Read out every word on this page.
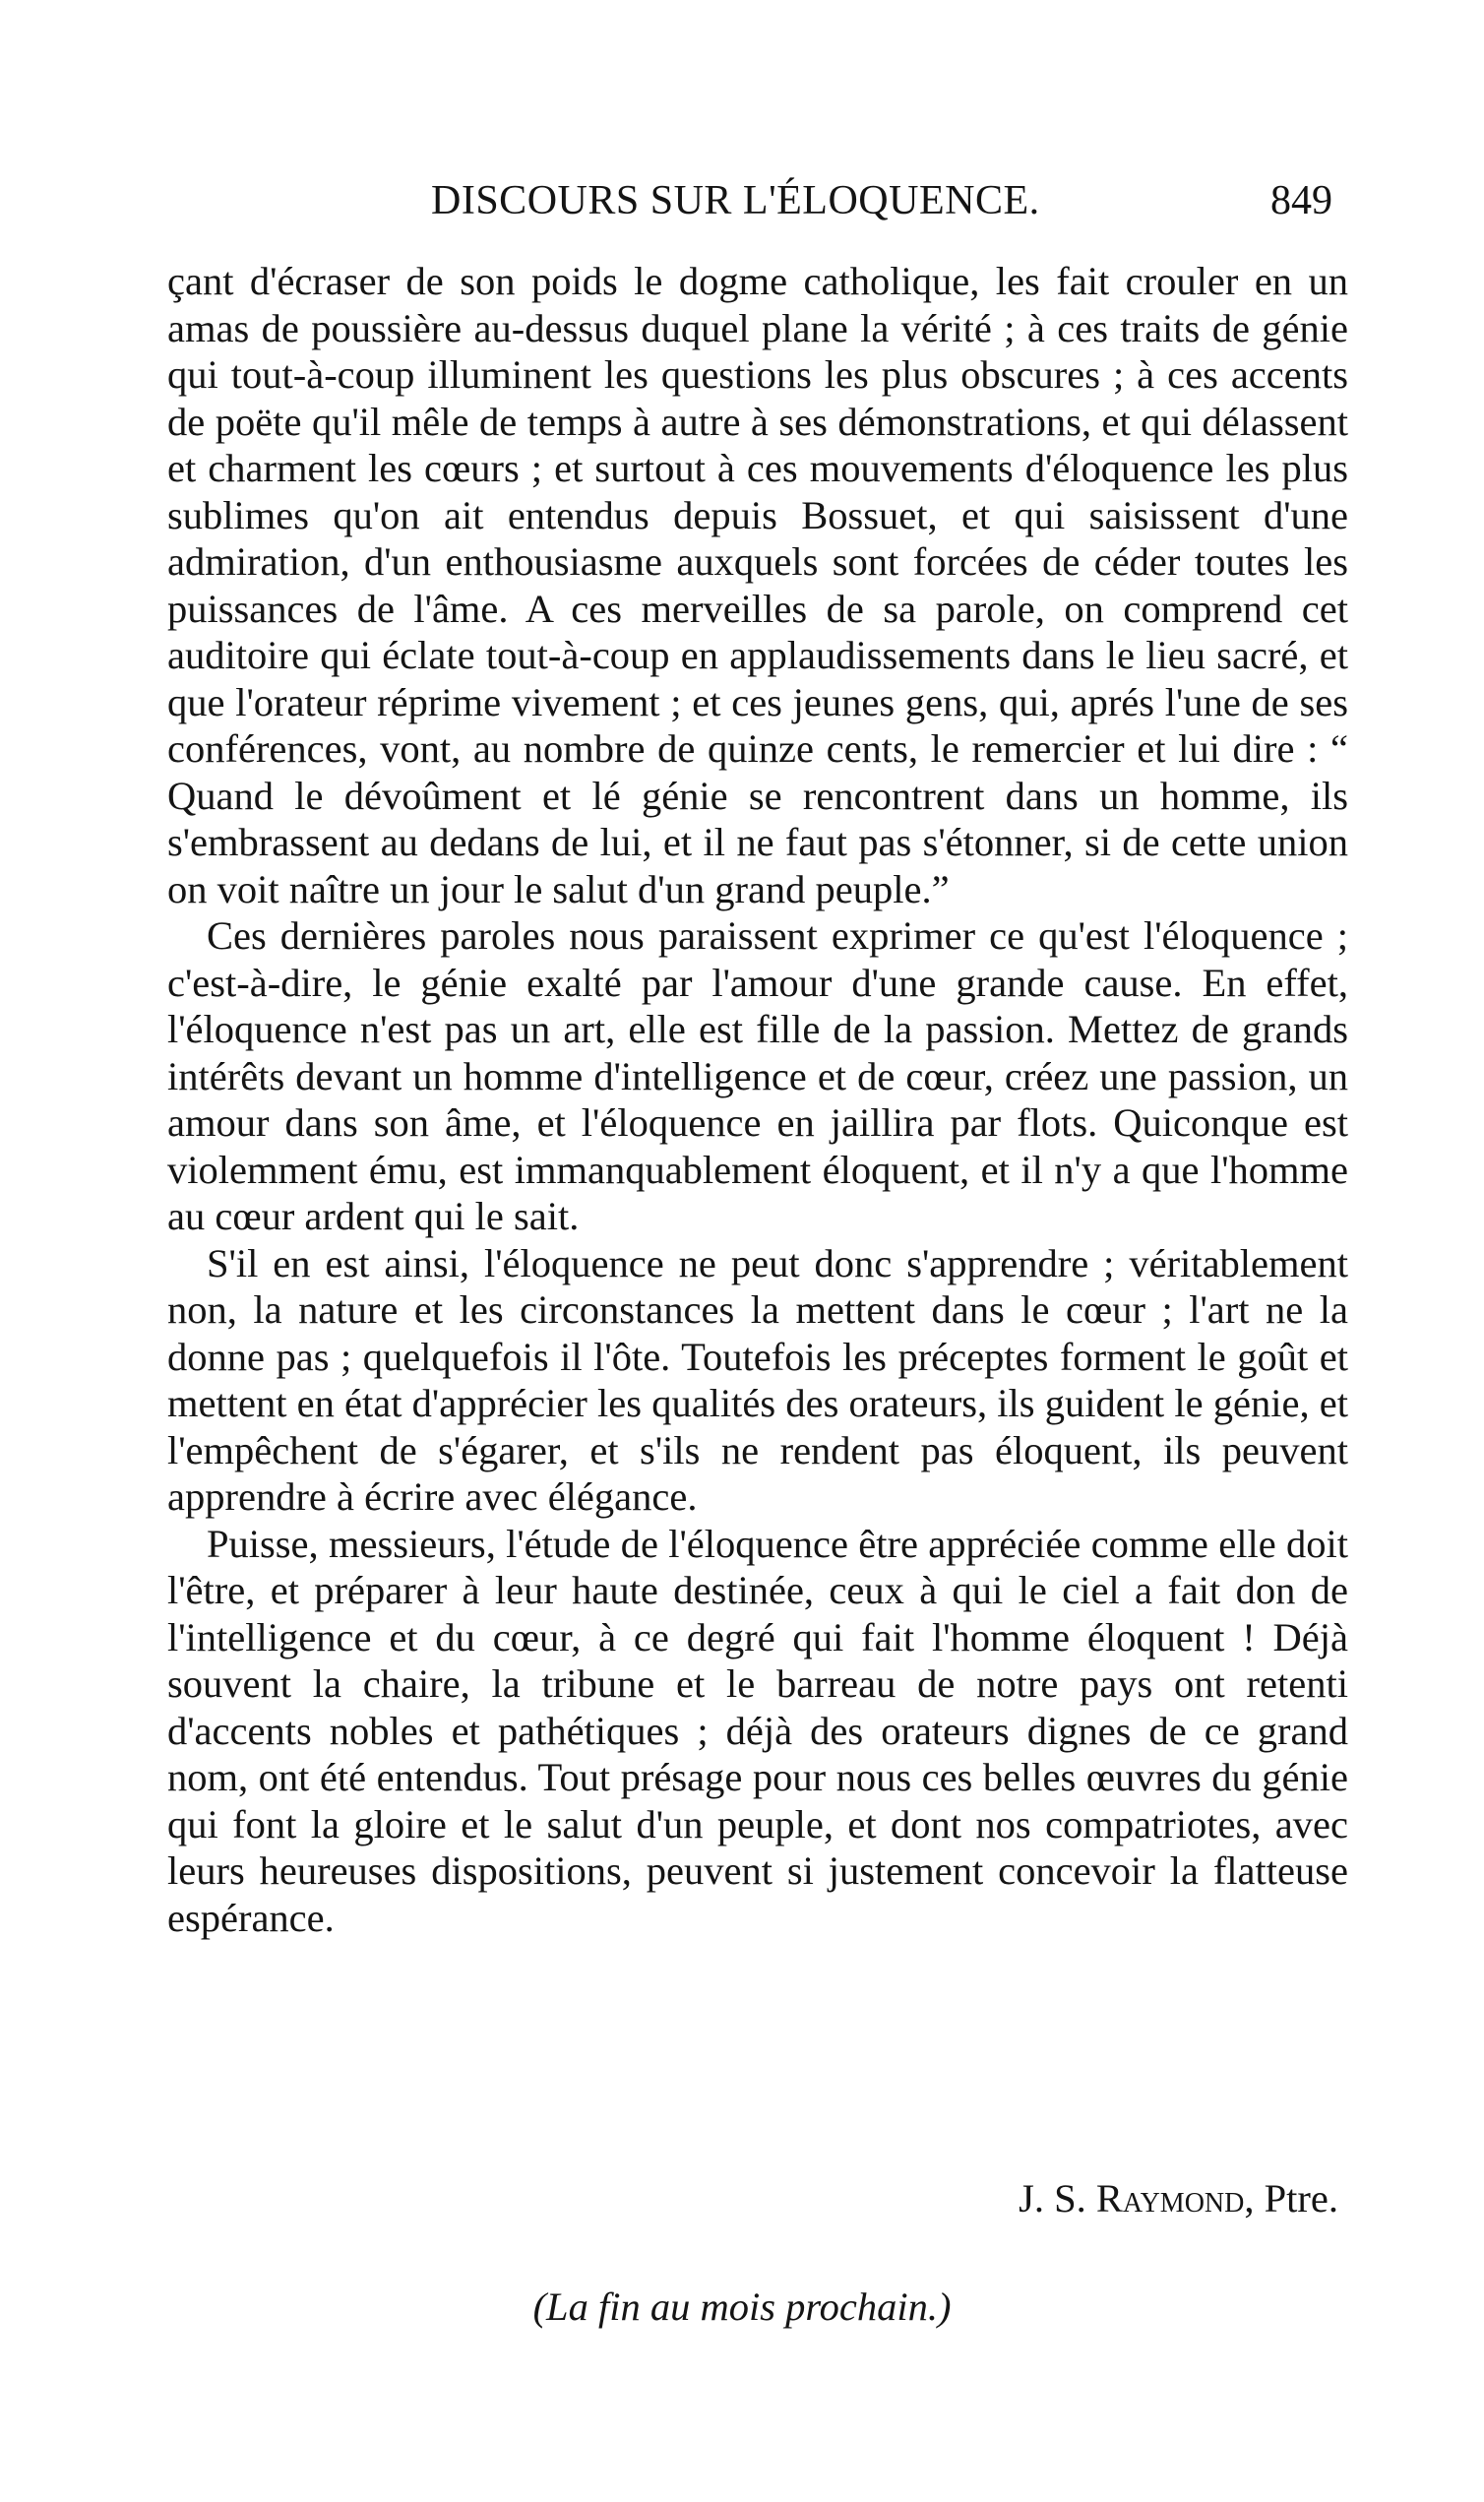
DISCOURS SUR L'ÉLOQUENCE.	849

çant d'écraser de son poids le dogme catholique, les fait crouler en un amas de poussière au-dessus duquel plane la vérité ; à ces traits de génie qui tout-à-coup illuminent les questions les plus obscures ; à ces accents de poëte qu'il mêle de temps à autre à ses démonstrations, et qui délassent et charment les cœurs ; et surtout à ces mouvements d'éloquence les plus sublimes qu'on ait entendus depuis Bossuet, et qui saisissent d'une admiration, d'un enthousiasme auxquels sont forcées de céder toutes les puissances de l'âme. A ces merveilles de sa parole, on comprend cet auditoire qui éclate tout-à-coup en applaudissements dans le lieu sacré, et que l'orateur réprime vivement ; et ces jeunes gens, qui, aprés l'une de ses conférences, vont, au nombre de quinze cents, le remercier et lui dire : “ Quand le dévoûment et lé génie se rencontrent dans un homme, ils s'embrassent au dedans de lui, et il ne faut pas s'étonner, si de cette union on voit naître un jour le salut d'un grand peuple.”

Ces dernières paroles nous paraissent exprimer ce qu'est l'éloquence ; c'est-à-dire, le génie exalté par l'amour d'une grande cause. En effet, l'éloquence n'est pas un art, elle est fille de la passion. Mettez de grands intérêts devant un homme d'intelligence et de cœur, créez une passion, un amour dans son âme, et l'éloquence en jaillira par flots. Quiconque est violemment ému, est immanquablement éloquent, et il n'y a que l'homme au cœur ardent qui le sait.

S'il en est ainsi, l'éloquence ne peut donc s'apprendre ; véritablement non, la nature et les circonstances la mettent dans le cœur ; l'art ne la donne pas ; quelquefois il l'ôte. Toutefois les préceptes forment le goût et mettent en état d'apprécier les qualités des orateurs, ils guident le génie, et l'empêchent de s'égarer, et s'ils ne rendent pas éloquent, ils peuvent apprendre à écrire avec élégance.

Puisse, messieurs, l'étude de l'éloquence être appréciée comme elle doit l'être, et préparer à leur haute destinée, ceux à qui le ciel a fait don de l'intelligence et du cœur, à ce degré qui fait l'homme éloquent ! Déjà souvent la chaire, la tribune et le barreau de notre pays ont retenti d'accents nobles et pathétiques ; déjà des orateurs dignes de ce grand nom, ont été entendus. Tout présage pour nous ces belles œuvres du génie qui font la gloire et le salut d'un peuple, et dont nos compatriotes, avec leurs heureuses dispositions, peuvent si justement concevoir la flatteuse espérance.

J. S. Raymond, Ptre.
(La fin au mois prochain.)
